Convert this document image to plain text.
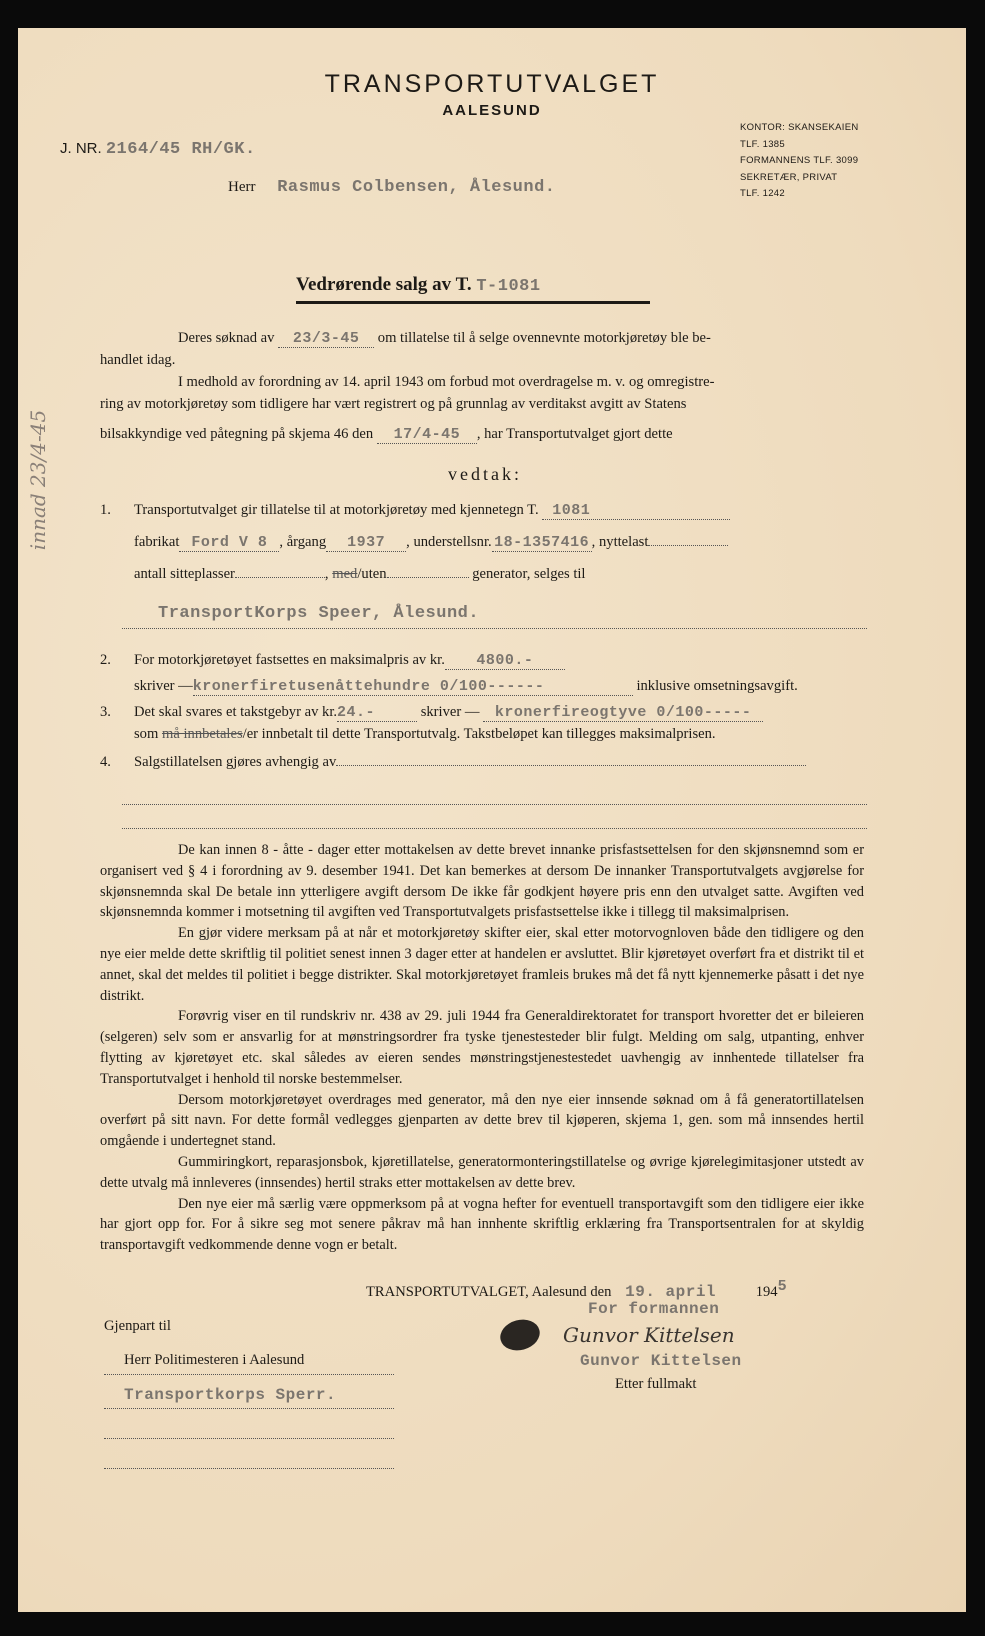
innad 23/4-45
TRANSPORTUTVALGET
AALESUND
KONTOR: SKANSEKAIEN
TLF. 1385
FORMANNENS TLF. 3099
SEKRETÆR, PRIVAT
TLF. 1242
J. NR. 2164/45 RH/GK.
Herr Rasmus Colbensen, Ålesund.
Vedrørende salg av T. T-1081
Deres søknad av 23/3-45 om tillatelse til å selge ovennevnte motorkjøretøy ble be-
handlet idag.
I medhold av forordning av 14. april 1943 om forbud mot overdragelse m. v. og omregistre-
ring av motorkjøretøy som tidligere har vært registrert og på grunnlag av verditakst avgitt av Statens
bilsakkyndige ved påtegning på skjema 46 den 17/4-45 , har Transportutvalget gjort dette
vedtak:
1. Transportutvalget gir tillatelse til at motorkjøretøy med kjennetegn T. 1081
fabrikat Ford V 8 , årgang 1937 , understellsnr. 18-1357416 , nyttelast
antall sitteplasser	, med/uten	generator, selges til
TransportKorps Speer, Ålesund.
2. For motorkjøretøyet fastsettes en maksimalpris av kr. 4800.-
skriver —kronerfiretusenåttehundre 0/100------	inklusive omsetningsavgift.
3. Det skal svares et takstgebyr av kr.24.-	skriver — kronerfireogtyve 0/100-----
som må innbetales/er innbetalt til dette Transportutvalg. Takstbeløpet kan tillegges maksimalprisen.
4. Salgstillatelsen gjøres avhengig av

De kan innen 8 - åtte - dager etter mottakelsen av dette brevet innanke prisfastsettelsen for den skjønsnemnd som er organisert ved § 4 i forordning av 9. desember 1941. Det kan bemerkes at dersom De innanker Transportutvalgets avgjørelse for skjønsnemnda skal De betale inn ytterligere avgift dersom De ikke får godkjent høyere pris enn den utvalget satte. Avgiften ved skjønsnemnda kommer i motsetning til avgiften ved Transportutvalgets prisfastsettelse ikke i tillegg til maksimalprisen.

En gjør videre merksam på at når et motorkjøretøy skifter eier, skal etter motorvognloven både den tidligere og den nye eier melde dette skriftlig til politiet senest innen 3 dager etter at handelen er avsluttet. Blir kjøretøyet overført fra et distrikt til et annet, skal det meldes til politiet i begge distrikter. Skal motorkjøretøyet framleis brukes må det få nytt kjennemerke påsatt i det nye distrikt.

Forøvrig viser en til rundskriv nr. 438 av 29. juli 1944 fra Generaldirektoratet for transport hvoretter det er bileieren (selgeren) selv som er ansvarlig for at mønstringsordrer fra tyske tjenestesteder blir fulgt. Melding om salg, utpanting, enhver flytting av kjøretøyet etc. skal således av eieren sendes mønstringstjenestestedet uavhengig av innhentede tillatelser fra Transportutvalget i henhold til norske bestemmelser.

Dersom motorkjøretøyet overdrages med generator, må den nye eier innsende søknad om å få generatortillatelsen overført på sitt navn. For dette formål vedlegges gjenparten av dette brev til kjøperen, skjema 1, gen. som må innsendes hertil omgående i undertegnet stand.

Gummiringkort, reparasjonsbok, kjøretillatelse, generatormonteringstillatelse og øvrige kjørelegimitasjoner utstedt av dette utvalg må innleveres (innsendes) hertil straks etter mottakelsen av dette brev.

Den nye eier må særlig være oppmerksom på at vogna hefter for eventuell transportavgift som den tidligere eier ikke har gjort opp for. For å sikre seg mot senere påkrav må han innhente skriftlig erklæring fra Transportsentralen for at skyldig transportavgift vedkommende denne vogn er betalt.

TRANSPORTUTVALGET, Aalesund den 19. april	$194^5$
For formannen
Gunvor Kittelsen
Gunvor Kittelsen
Etter fullmakt
Gjenpart til
Herr Politimesteren i Aalesund
Transportkorps Sperr.
